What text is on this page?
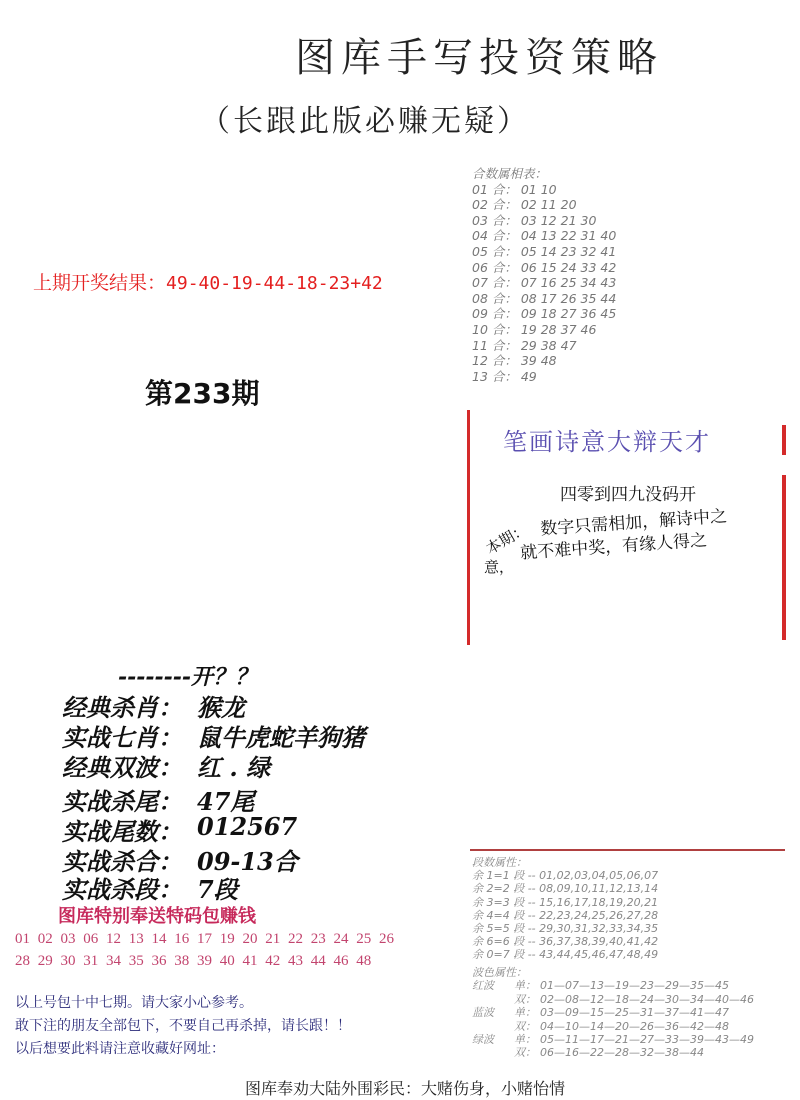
图库手写投资策略
（长跟此版必赚无疑）
上期开奖结果：49-40-19-44-18-23+42
第233期
合数属相表：
01 合： 01 10
02 合： 02 11 20
03 合： 03 12 21 30
04 合： 04 13 22 31 40
05 合： 05 14 23 32 41
06 合： 06 15 24 33 42
07 合： 07 16 25 34 43
08 合： 08 17 26 35 44
09 合： 09 18 27 36 45
10 合： 19 28 37 46
11 合： 29 38 47
12 合： 39 48
13 合： 49
笔画诗意大辩天才
四零到四九没码开
数字只需相加，解诗中之
就不难中奖，有缘人得之
本期：
意，
--------开？？
经典杀肖： 猴龙
实战七肖： 鼠牛虎蛇羊狗猪
经典双波： 红 . 绿
实战杀尾： 47尾
实战尾数： 012567
实战杀合： 09-13合
实战杀段： 7段
图库特别奉送特码包赚钱
01 02 03 06 12 13 14 16 17 19 20 21 22 23 24 25 26
28 29 30 31 34 35 36 38 39 40 41 42 43 44 46 48
以上号包十中七期。请大家小心参考。
敢下注的朋友全部包下，不要自己再杀掉，请长跟！！
以后想要此料请注意收藏好网址：
段数属性：
余 1=1 段 -- 01,02,03,04,05,06,07
余 2=2 段 -- 08,09,10,11,12,13,14
余 3=3 段 -- 15,16,17,18,19,20,21
余 4=4 段 -- 22,23,24,25,26,27,28
余 5=5 段 -- 29,30,31,32,33,34,35
余 6=6 段 -- 36,37,38,39,40,41,42
余 0=7 段 -- 43,44,45,46,47,48,49
波色属性：
红波 单： 01—07—13—19—23—29—35—45
双： 02—08—12—18—24—30—34—40—46
蓝波 单： 03—09—15—25—31—37—41—47
双： 04—10—14—20—26—36—42—48
绿波 单： 05—11—17—21—27—33—39—43—49
双： 06—16—22—28—32—38—44
图库奉劝大陆外围彩民：大赌伤身，小赌怡情
